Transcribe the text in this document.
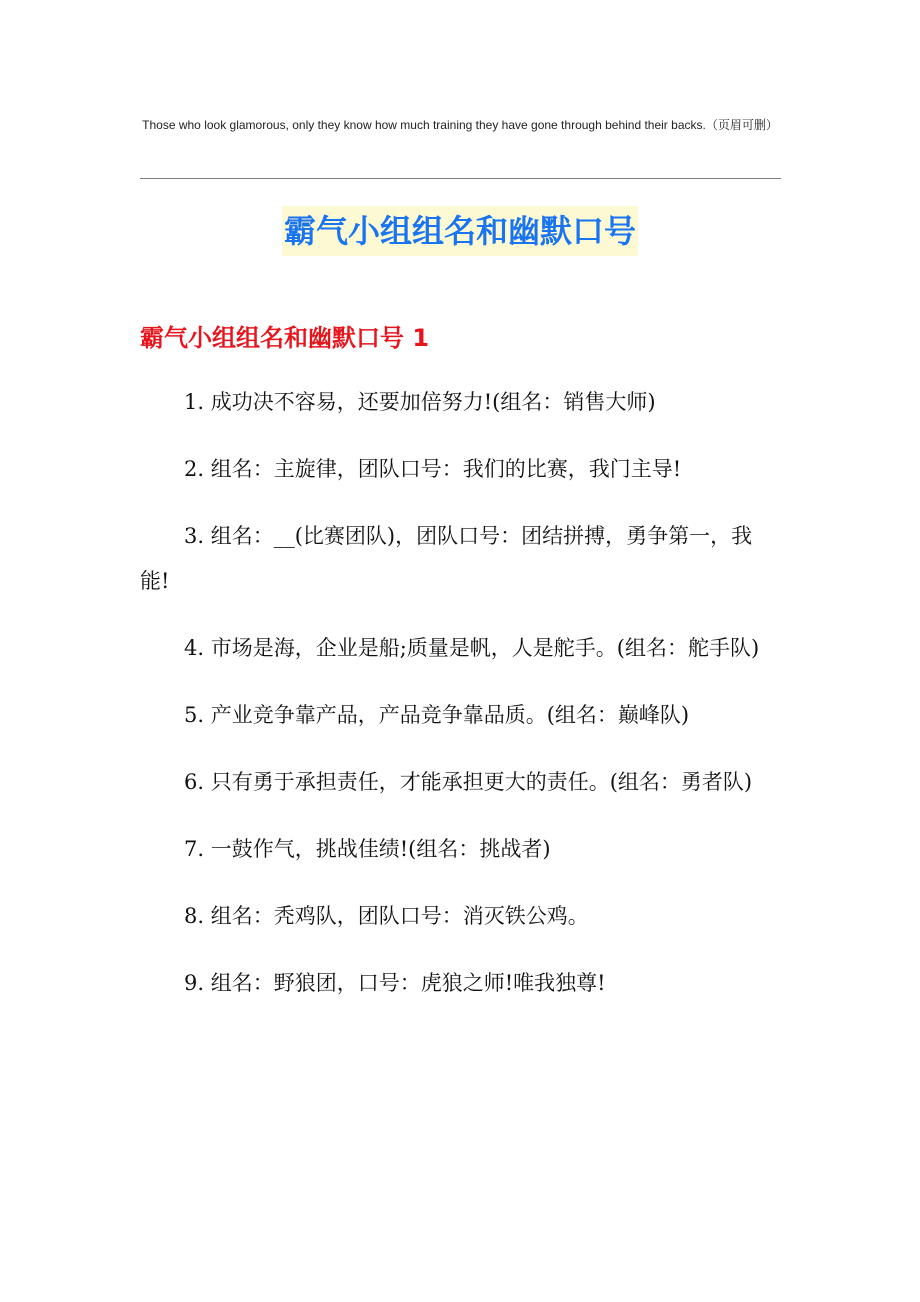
Those who look glamorous, only they know how much training they have gone through behind their backs.（页眉可删）
霸气小组组名和幽默口号
霸气小组组名和幽默口号 1
1. 成功决不容易，还要加倍努力!(组名：销售大师)
2. 组名：主旋律，团队口号：我们的比赛，我门主导!
3. 组名：__(比赛团队)，团队口号：团结拼搏，勇争第一，我能!
4. 市场是海，企业是船;质量是帆，人是舵手。(组名：舵手队)
5. 产业竞争靠产品，产品竞争靠品质。(组名：巅峰队)
6. 只有勇于承担责任，才能承担更大的责任。(组名：勇者队)
7. 一鼓作气，挑战佳绩!(组名：挑战者)
8. 组名：秃鸡队，团队口号：消灭铁公鸡。
9. 组名：野狼团，口号：虎狼之师!唯我独尊!
